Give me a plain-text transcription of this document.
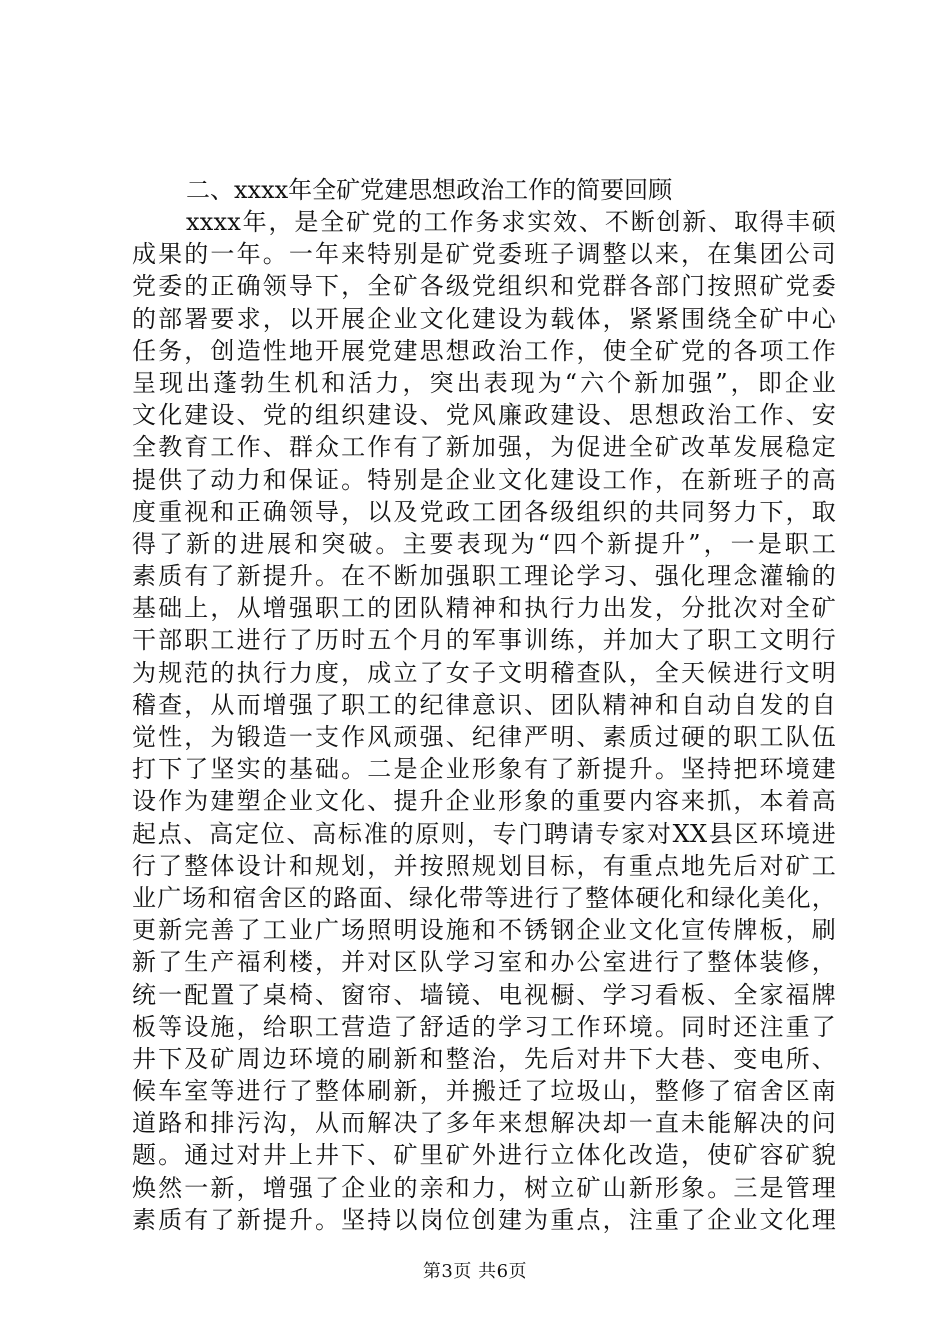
二、xxxx年全矿党建思想政治工作的简要回顾
xxxx年，是全矿党的工作务求实效、不断创新、取得丰硕
成果的一年。一年来特别是矿党委班子调整以来，在集团公司
党委的正确领导下，全矿各级党组织和党群各部门按照矿党委
的部署要求，以开展企业文化建设为载体，紧紧围绕全矿中心
任务，创造性地开展党建思想政治工作，使全矿党的各项工作
呈现出蓬勃生机和活力，突出表现为“六个新加强”，即企业
文化建设、党的组织建设、党风廉政建设、思想政治工作、安
全教育工作、群众工作有了新加强，为促进全矿改革发展稳定
提供了动力和保证。特别是企业文化建设工作，在新班子的高
度重视和正确领导，以及党政工团各级组织的共同努力下，取
得了新的进展和突破。主要表现为“四个新提升”，一是职工
素质有了新提升。在不断加强职工理论学习、强化理念灌输的
基础上，从增强职工的团队精神和执行力出发，分批次对全矿
干部职工进行了历时五个月的军事训练，并加大了职工文明行
为规范的执行力度，成立了女子文明稽查队，全天候进行文明
稽查，从而增强了职工的纪律意识、团队精神和自动自发的自
觉性，为锻造一支作风顽强、纪律严明、素质过硬的职工队伍
打下了坚实的基础。二是企业形象有了新提升。坚持把环境建
设作为建塑企业文化、提升企业形象的重要内容来抓，本着高
起点、高定位、高标准的原则，专门聘请专家对XX县区环境进
行了整体设计和规划，并按照规划目标，有重点地先后对矿工
业广场和宿舍区的路面、绿化带等进行了整体硬化和绿化美化，
更新完善了工业广场照明设施和不锈钢企业文化宣传牌板，刷
新了生产福利楼，并对区队学习室和办公室进行了整体装修，
统一配置了桌椅、窗帘、墙镜、电视橱、学习看板、全家福牌
板等设施，给职工营造了舒适的学习工作环境。同时还注重了
井下及矿周边环境的刷新和整治，先后对井下大巷、变电所、
候车室等进行了整体刷新，并搬迁了垃圾山，整修了宿舍区南
道路和排污沟，从而解决了多年来想解决却一直未能解决的问
题。通过对井上井下、矿里矿外进行立体化改造，使矿容矿貌
焕然一新，增强了企业的亲和力，树立矿山新形象。三是管理
素质有了新提升。坚持以岗位创建为重点，注重了企业文化理
第3页 共6页
